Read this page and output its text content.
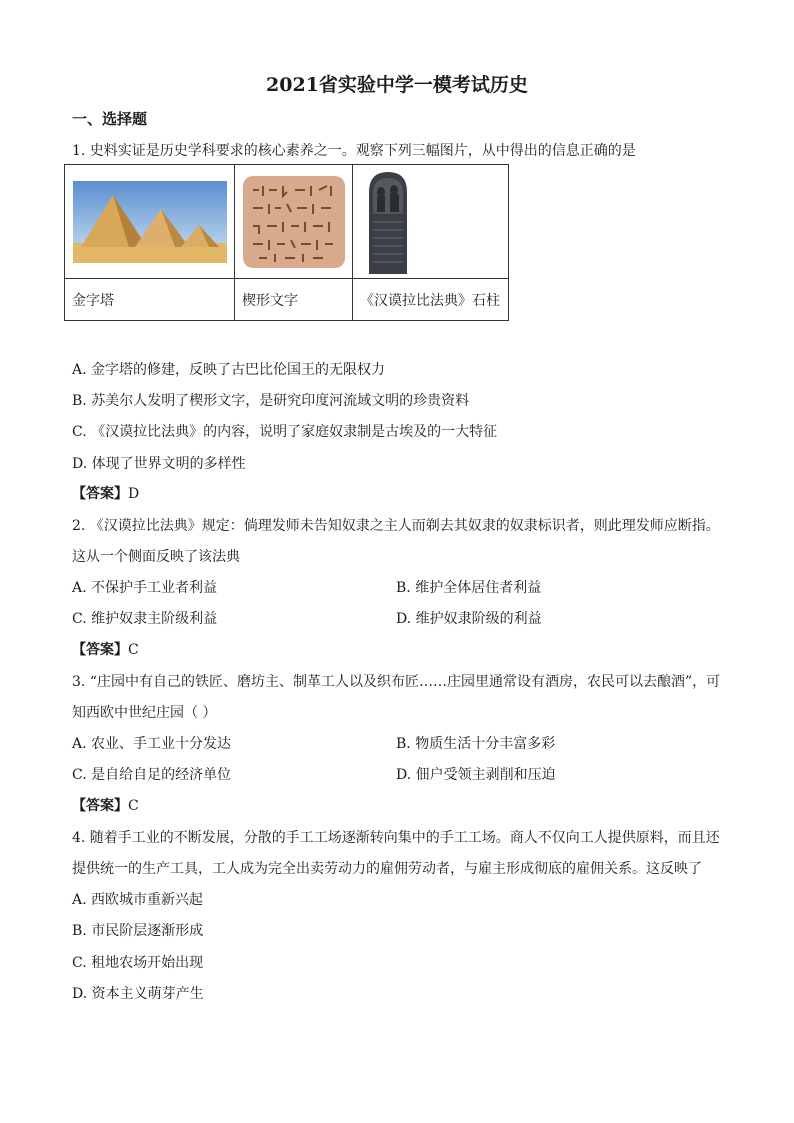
2021省实验中学一模考试历史
一、选择题
1. 史料实证是历史学科要求的核心素养之一。观察下列三幅图片，从中得出的信息正确的是

金字塔	楔形文字	《汉谟拉比法典》石柱
A. 金字塔的修建，反映了古巴比伦国王的无限权力
B. 苏美尔人发明了楔形文字，是研究印度河流域文明的珍贵资料
C. 《汉谟拉比法典》的内容，说明了家庭奴隶制是古埃及的一大特征
D. 体现了世界文明的多样性
【答案】D
2. 《汉谟拉比法典》规定：倘理发师未告知奴隶之主人而剃去其奴隶的奴隶标识者，则此理发师应断指。
这从一个侧面反映了该法典
A. 不保护手工业者利益	B. 维护全体居住者利益
C. 维护奴隶主阶级利益	D. 维护奴隶阶级的利益
【答案】C
3. “庄园中有自己的铁匠、磨坊主、制革工人以及织布匠……庄园里通常设有酒房，农民可以去酿酒”，可
知西欧中世纪庄园（ ）
A. 农业、手工业十分发达	B. 物质生活十分丰富多彩
C. 是自给自足的经济单位	D. 佃户受领主剥削和压迫
【答案】C
4. 随着手工业的不断发展，分散的手工工场逐渐转向集中的手工工场。商人不仅向工人提供原料，而且还
提供统一的生产工具，工人成为完全出卖劳动力的雇佣劳动者，与雇主形成彻底的雇佣关系。这反映了
A. 西欧城市重新兴起
B. 市民阶层逐渐形成
C. 租地农场开始出现
D. 资本主义萌芽产生
